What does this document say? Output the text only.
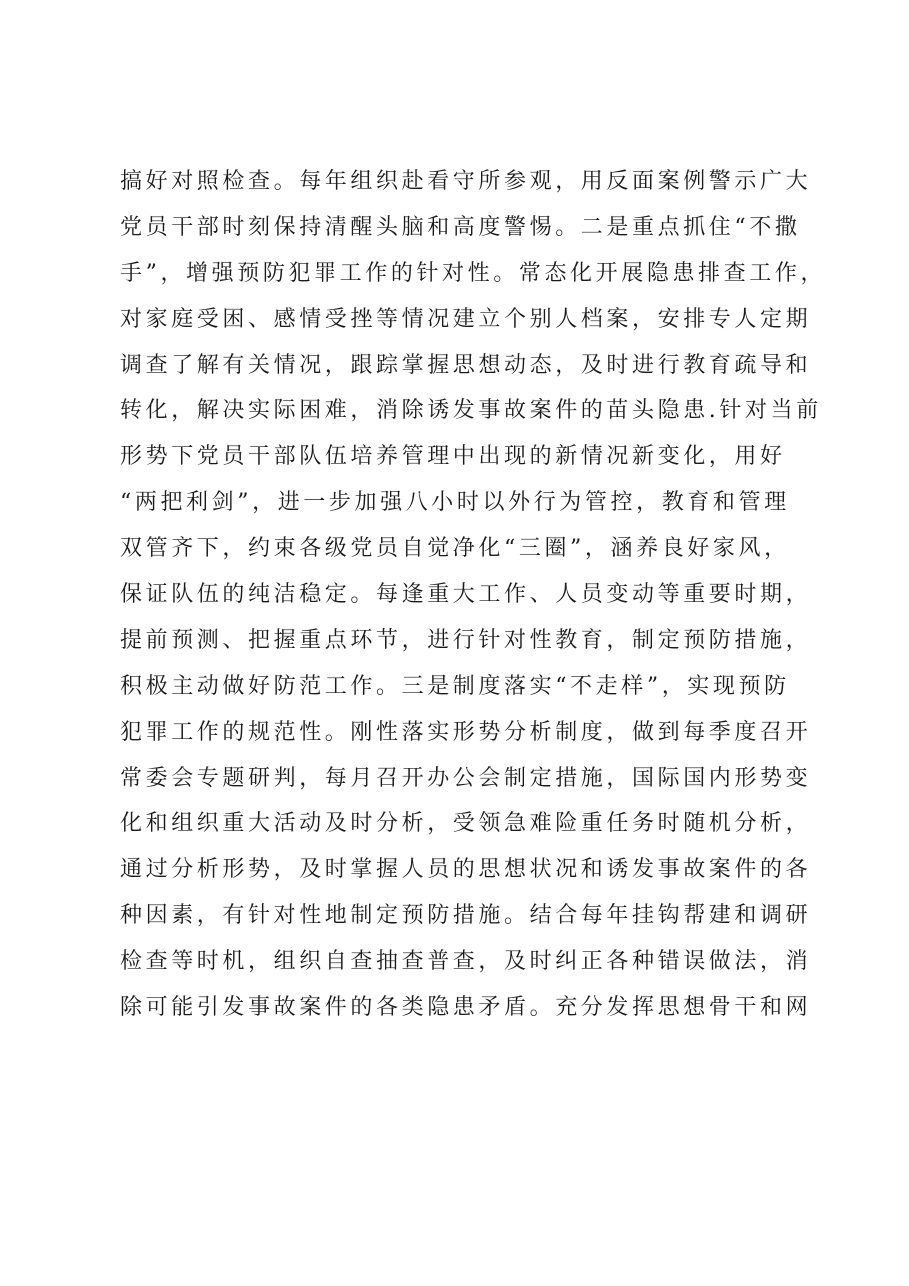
搞好对照检查。每年组织赴看守所参观，用反面案例警示广大
党员干部时刻保持清醒头脑和高度警惕。二是重点抓住“不撒
手”，增强预防犯罪工作的针对性。常态化开展隐患排查工作，
对家庭受困、感情受挫等情况建立个别人档案，安排专人定期
调查了解有关情况，跟踪掌握思想动态，及时进行教育疏导和
转化，解决实际困难，消除诱发事故案件的苗头隐患.针对当前
形势下党员干部队伍培养管理中出现的新情况新变化，用好
“两把利剑”，进一步加强八小时以外行为管控，教育和管理
双管齐下，约束各级党员自觉净化“三圈”，涵养良好家风，
保证队伍的纯洁稳定。每逢重大工作、人员变动等重要时期，
提前预测、把握重点环节，进行针对性教育，制定预防措施，
积极主动做好防范工作。三是制度落实“不走样”，实现预防
犯罪工作的规范性。刚性落实形势分析制度，做到每季度召开
常委会专题研判，每月召开办公会制定措施，国际国内形势变
化和组织重大活动及时分析，受领急难险重任务时随机分析，
通过分析形势，及时掌握人员的思想状况和诱发事故案件的各
种因素，有针对性地制定预防措施。结合每年挂钩帮建和调研
检查等时机，组织自查抽查普查，及时纠正各种错误做法，消
除可能引发事故案件的各类隐患矛盾。充分发挥思想骨干和网
